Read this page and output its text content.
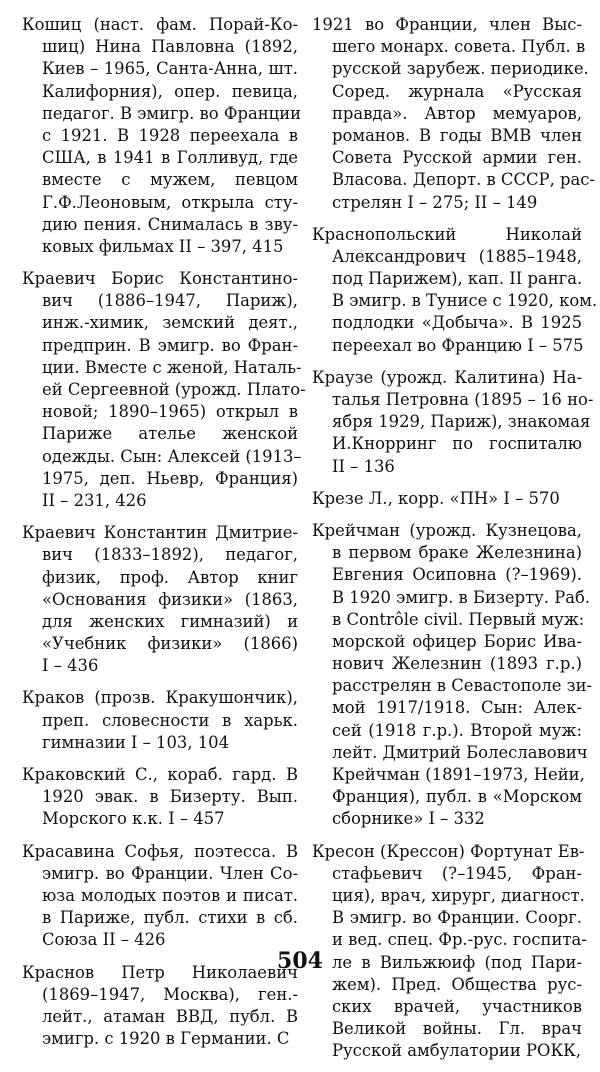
Кошиц (наст. фам. Порай-Ко-
шиц) Нина Павловна (1892,
Киев – 1965, Санта-Анна, шт.
Калифорния), опер. певица,
педагог. В эмигр. во Франции
с 1921. В 1928 переехала в
США, в 1941 в Голливуд, где
вместе с мужем, певцом
Г.Ф.Леоновым, открыла сту-
дию пения. Снималась в зву-
ковых фильмах II – 397, 415
Краевич Борис Константино-
вич (1886–1947, Париж),
инж.-химик, земский деят.,
предприн. В эмигр. во Фран-
ции. Вместе с женой, Наталь-
ей Сергеевной (урожд. Плато-
новой; 1890–1965) открыл в
Париже ателье женской
одежды. Сын: Алексей (1913–
1975, деп. Ньевр, Франция)
II – 231, 426
Краевич Константин Дмитрие-
вич (1833–1892), педагог,
физик, проф. Автор книг
«Основания физики» (1863,
для женских гимназий) и
«Учебник физики» (1866)
I – 436
Краков (прозв. Кракушончик),
преп. словесности в харьк.
гимназии I – 103, 104
Краковский С., кораб. гард. В
1920 эвак. в Бизерту. Вып.
Морского к.к. I – 457
Красавина Софья, поэтесса. В
эмигр. во Франции. Член Со-
юза молодых поэтов и писат.
в Париже, публ. стихи в сб.
Союза II – 426
Краснов Петр Николаевич
(1869–1947, Москва), ген.-
лейт., атаман ВВД, публ. В
эмигр. с 1920 в Германии. С
1921 во Франции, член Выс-
шего монарх. совета. Публ. в
русской зарубеж. периодике.
Соред. журнала «Русская
правда». Автор мемуаров,
романов. В годы ВМВ член
Совета Русской армии ген.
Власова. Депорт. в СССР, рас-
стрелян I – 275; II – 149
Краснопольский Николай
Александрович (1885–1948,
под Парижем), кап. II ранга.
В эмигр. в Тунисе с 1920, ком.
подлодки «Добыча». В 1925
переехал во Францию I – 575
Краузе (урожд. Калитина) На-
талья Петровна (1895 – 16 но-
ября 1929, Париж), знакомая
И.Кнорринг по госпиталю
II – 136
Крезе Л., корр. «ПН» I – 570
Крейчман (урожд. Кузнецова,
в первом браке Железнина)
Евгения Осиповна (?–1969).
В 1920 эмигр. в Бизерту. Раб.
в Contrôle civil. Первый муж:
морской офицер Борис Ивa-
нович Железнин (1893 г.р.)
расстрелян в Севастополе зи-
мой 1917/1918. Сын: Алек-
сей (1918 г.р.). Второй муж:
лейт. Дмитрий Болеславович
Крейчман (1891–1973, Нейи,
Франция), публ. в «Морском
сборнике» I – 332
Кресон (Крессон) Фортунат Ев-
стафьевич (?–1945, Фран-
ция), врач, хирург, диагност.
В эмигр. во Франции. Соорг.
и вед. спец. Фр.-рус. госпита-
ле в Вильжюиф (под Пари-
жем). Пред. Общества рус-
ских врачей, участников
Великой войны. Гл. врач
Русской амбулатории РОКК,
504
